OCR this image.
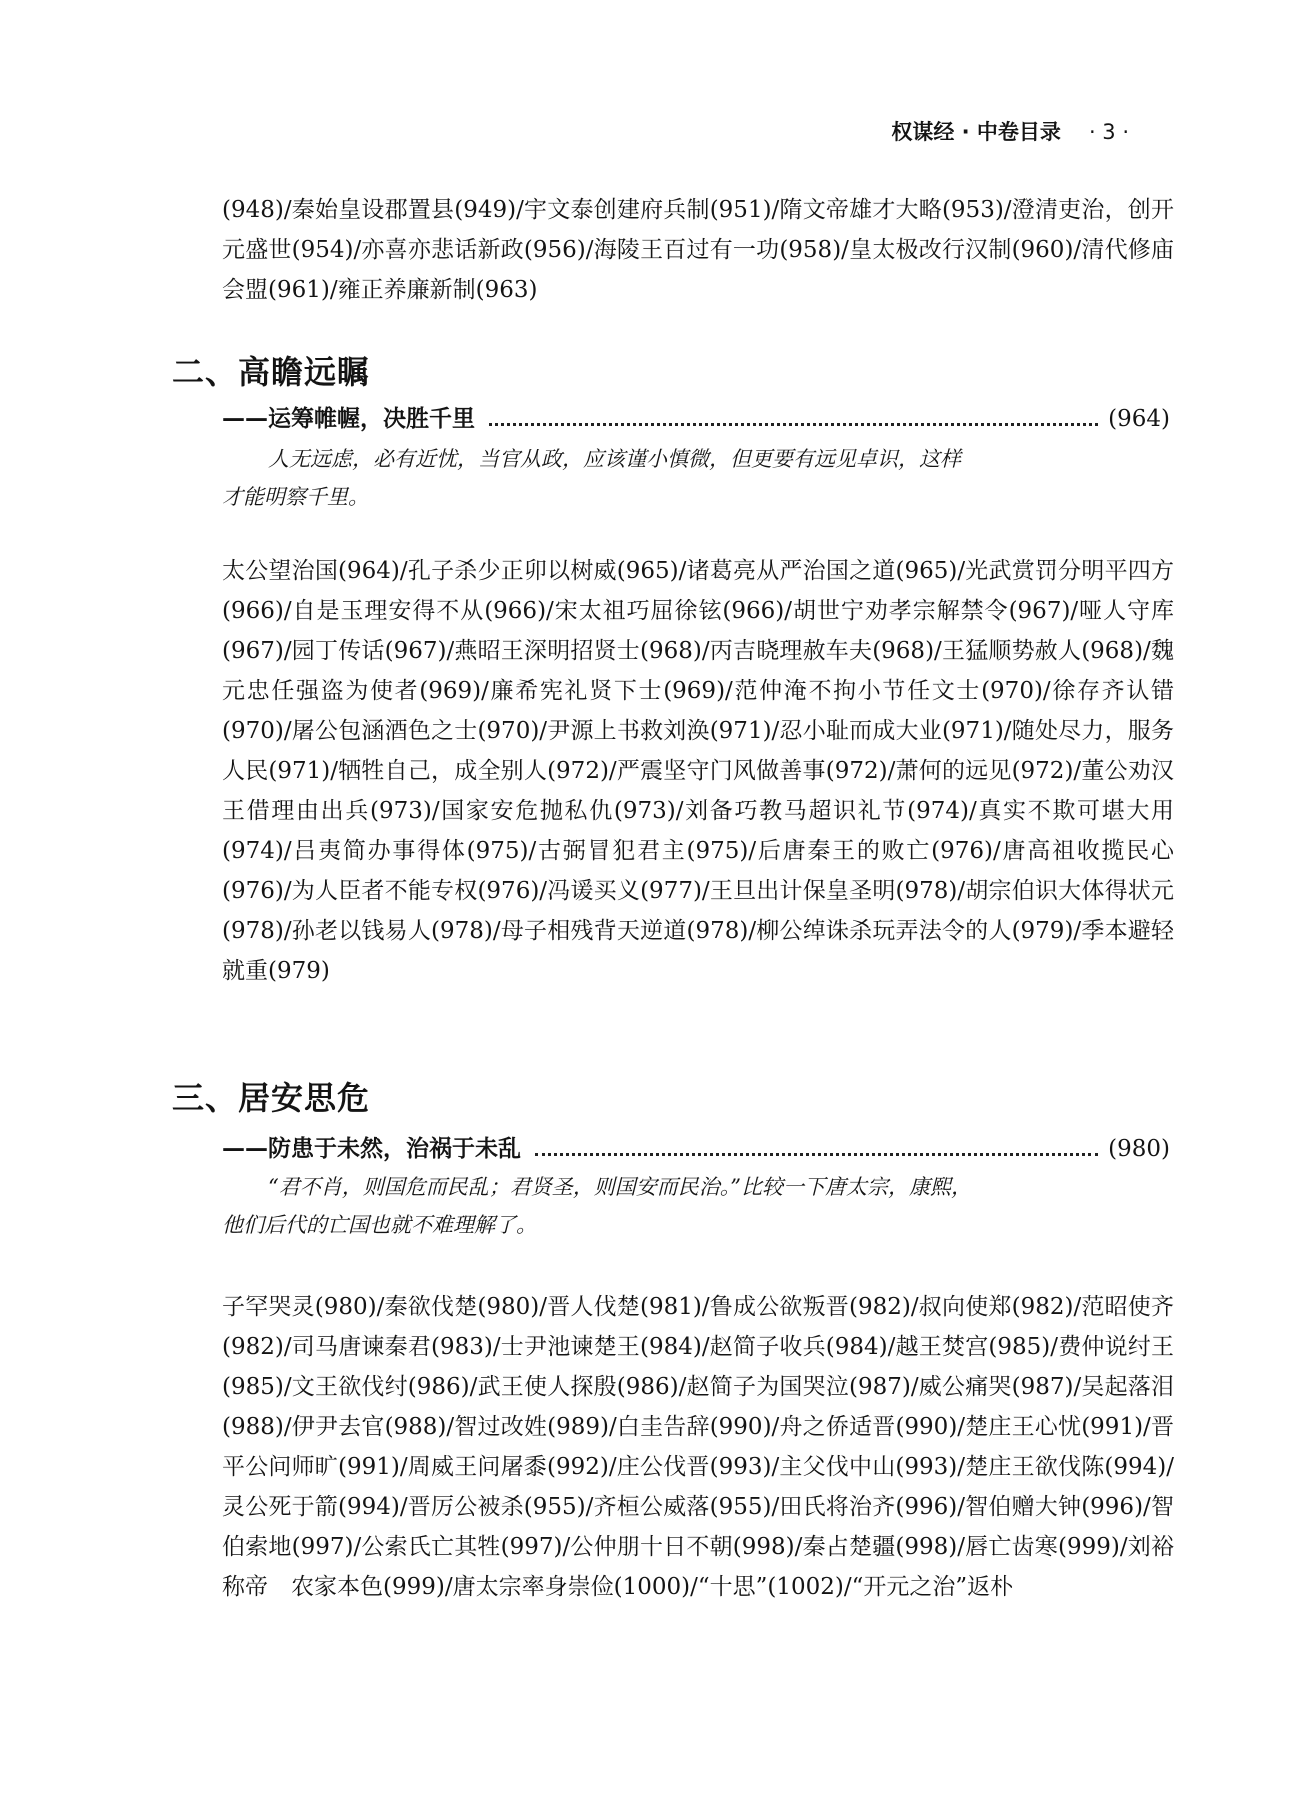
权谋经 · 中卷目录 · 3 ·
(948)/秦始皇设郡置县(949)/宇文泰创建府兵制(951)/隋文帝雄才大略(953)/澄清吏治，创开元盛世(954)/亦喜亦悲话新政(956)/海陵王百过有一功(958)/皇太极改行汉制(960)/清代修庙会盟(961)/雍正养廉新制(963)
二、高瞻远瞩
——运筹帷幄，决胜千里	(964)
人无远虑，必有近忧，当官从政，应该谨小慎微，但更要有远见卓识，这样
才能明察千里。
太公望治国(964)/孔子杀少正卯以树威(965)/诸葛亮从严治国之道(965)/光武赏罚分明平四方(966)/自是玉理安得不从(966)/宋太祖巧屈徐铉(966)/胡世宁劝孝宗解禁令(967)/哑人守库(967)/园丁传话(967)/燕昭王深明招贤士(968)/丙吉晓理赦车夫(968)/王猛顺势赦人(968)/魏元忠任强盗为使者(969)/廉希宪礼贤下士(969)/范仲淹不拘小节任文士(970)/徐存齐认错(970)/屠公包涵酒色之士(970)/尹源上书救刘涣(971)/忍小耻而成大业(971)/随处尽力，服务人民(971)/牺牲自己，成全别人(972)/严震坚守门风做善事(972)/萧何的远见(972)/董公劝汉王借理由出兵(973)/国家安危抛私仇(973)/刘备巧教马超识礼节(974)/真实不欺可堪大用(974)/吕夷简办事得体(975)/古弼冒犯君主(975)/后唐秦王的败亡(976)/唐高祖收揽民心(976)/为人臣者不能专权(976)/冯谖买义(977)/王旦出计保皇圣明(978)/胡宗伯识大体得状元(978)/孙老以钱易人(978)/母子相残背天逆道(978)/柳公绰诛杀玩弄法令的人(979)/季本避轻就重(979)
三、居安思危
——防患于未然，治祸于未乱	(980)
“君不肖，则国危而民乱；君贤圣，则国安而民治。”比较一下唐太宗，康熙，
他们后代的亡国也就不难理解了。
子罕哭灵(980)/秦欲伐楚(980)/晋人伐楚(981)/鲁成公欲叛晋(982)/叔向使郑(982)/范昭使齐(982)/司马唐谏秦君(983)/士尹池谏楚王(984)/赵简子收兵(984)/越王焚宫(985)/费仲说纣王(985)/文王欲伐纣(986)/武王使人探殷(986)/赵简子为国哭泣(987)/威公痛哭(987)/吴起落泪(988)/伊尹去官(988)/智过改姓(989)/白圭告辞(990)/舟之侨适晋(990)/楚庄王心忧(991)/晋平公问师旷(991)/周威王问屠黍(992)/庄公伐晋(993)/主父伐中山(993)/楚庄王欲伐陈(994)/灵公死于箭(994)/晋厉公被杀(955)/齐桓公威落(955)/田氏将治齐(996)/智伯赠大钟(996)/智伯索地(997)/公索氏亡其牲(997)/公仲朋十日不朝(998)/秦占楚疆(998)/唇亡齿寒(999)/刘裕称帝　农家本色(999)/唐太宗率身崇俭(1000)/“十思”(1002)/“开元之治”返朴
